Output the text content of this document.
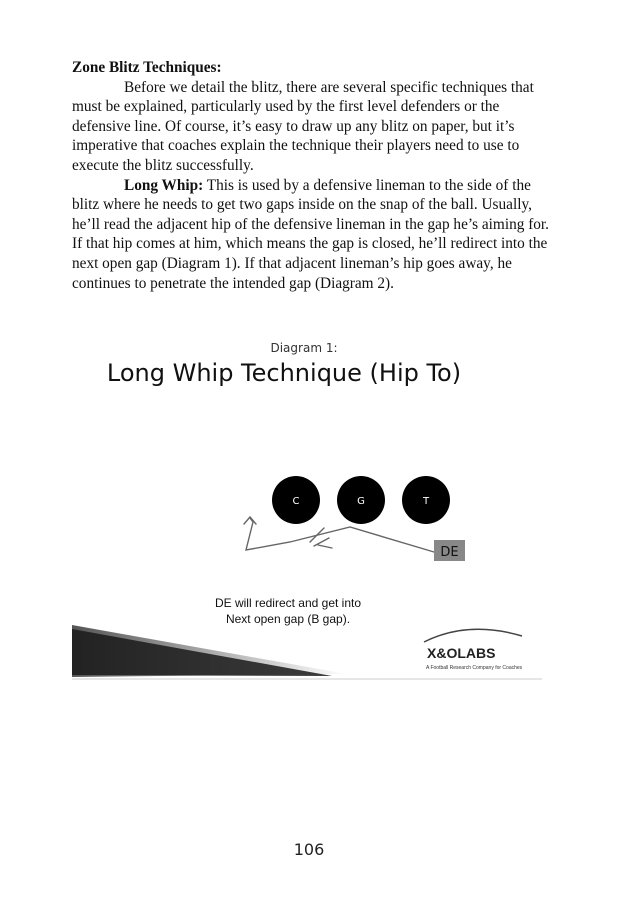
Zone Blitz Techniques:

Before we detail the blitz, there are several specific techniques that must be explained, particularly used by the first level defenders or the defensive line. Of course, it’s easy to draw up any blitz on paper, but it’s imperative that coaches explain the technique their players need to use to execute the blitz successfully.

Long Whip: This is used by a defensive lineman to the side of the blitz where he needs to get two gaps inside on the snap of the ball. Usually, he’ll read the adjacent hip of the defensive lineman in the gap he’s aiming for. If that hip comes at him, which means the gap is closed, he’ll redirect into the next open gap (Diagram 1). If that adjacent lineman’s hip goes away, he continues to penetrate the intended gap (Diagram 2).

Diagram 1:
Long Whip Technique (Hip To)
C	G	T
DE
DE will redirect and get into
Next open gap (B gap).
X&OLABS
A Football Research Company for Coaches
106
